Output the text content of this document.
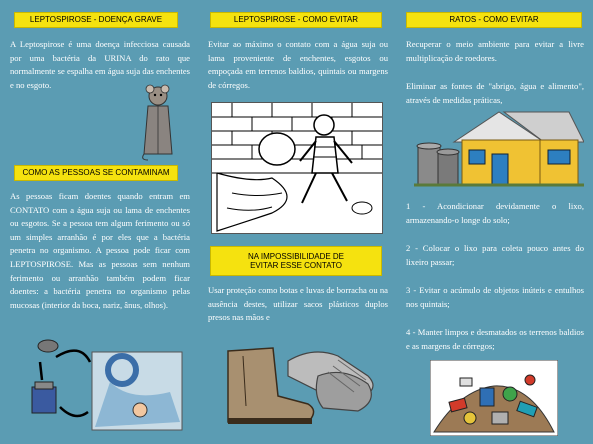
LEPTOSPIROSE - DOENÇA GRAVE
A Leptospirose é uma doença infecciosa causada por uma bactéria da URINA do rato que normalmente se espalha em água suja das enchentes e no esgoto.
COMO AS PESSOAS SE CONTAMINAM
As pessoas ficam doentes quando entram em CONTATO com a água suja ou lama de enchentes ou esgotos. Se a pessoa tem algum ferimento ou só um simples arranhão é por eles que a bactéria penetra no organismo. A pessoa pode ficar com LEPTOSPIROSE. Mas as pessoas sem nenhum ferimento ou arranhão também podem ficar doentes: a bactéria penetra no organismo pelas mucosas (interior da boca, nariz, ânus, olhos).
LEPTOSPIROSE - COMO EVITAR
Evitar ao máximo o contato com a água suja ou lama proveniente de enchentes, esgotos ou empoçada em terrenos baldios, quintais ou margens de córregos.
NA IMPOSSIBILIDADE DE
EVITAR ESSE CONTATO
Usar proteção como botas e luvas de borracha ou na ausência destes, utilizar sacos plásticos duplos presos nas mãos e
RATOS - COMO EVITAR
Recuperar o meio ambiente para evitar a livre multiplicação de roedores.
Eliminar as fontes de "abrigo, água e alimento", através de medidas práticas,
1 - Acondicionar devidamente o lixo, armazenando-o longe do solo;
2 - Colocar o lixo para coleta pouco antes do lixeiro passar;
3 - Evitar o acúmulo de objetos inúteis e entulhos nos quintais;
4 - Manter limpos e desmatados os terrenos baldios e as margens de córregos;
